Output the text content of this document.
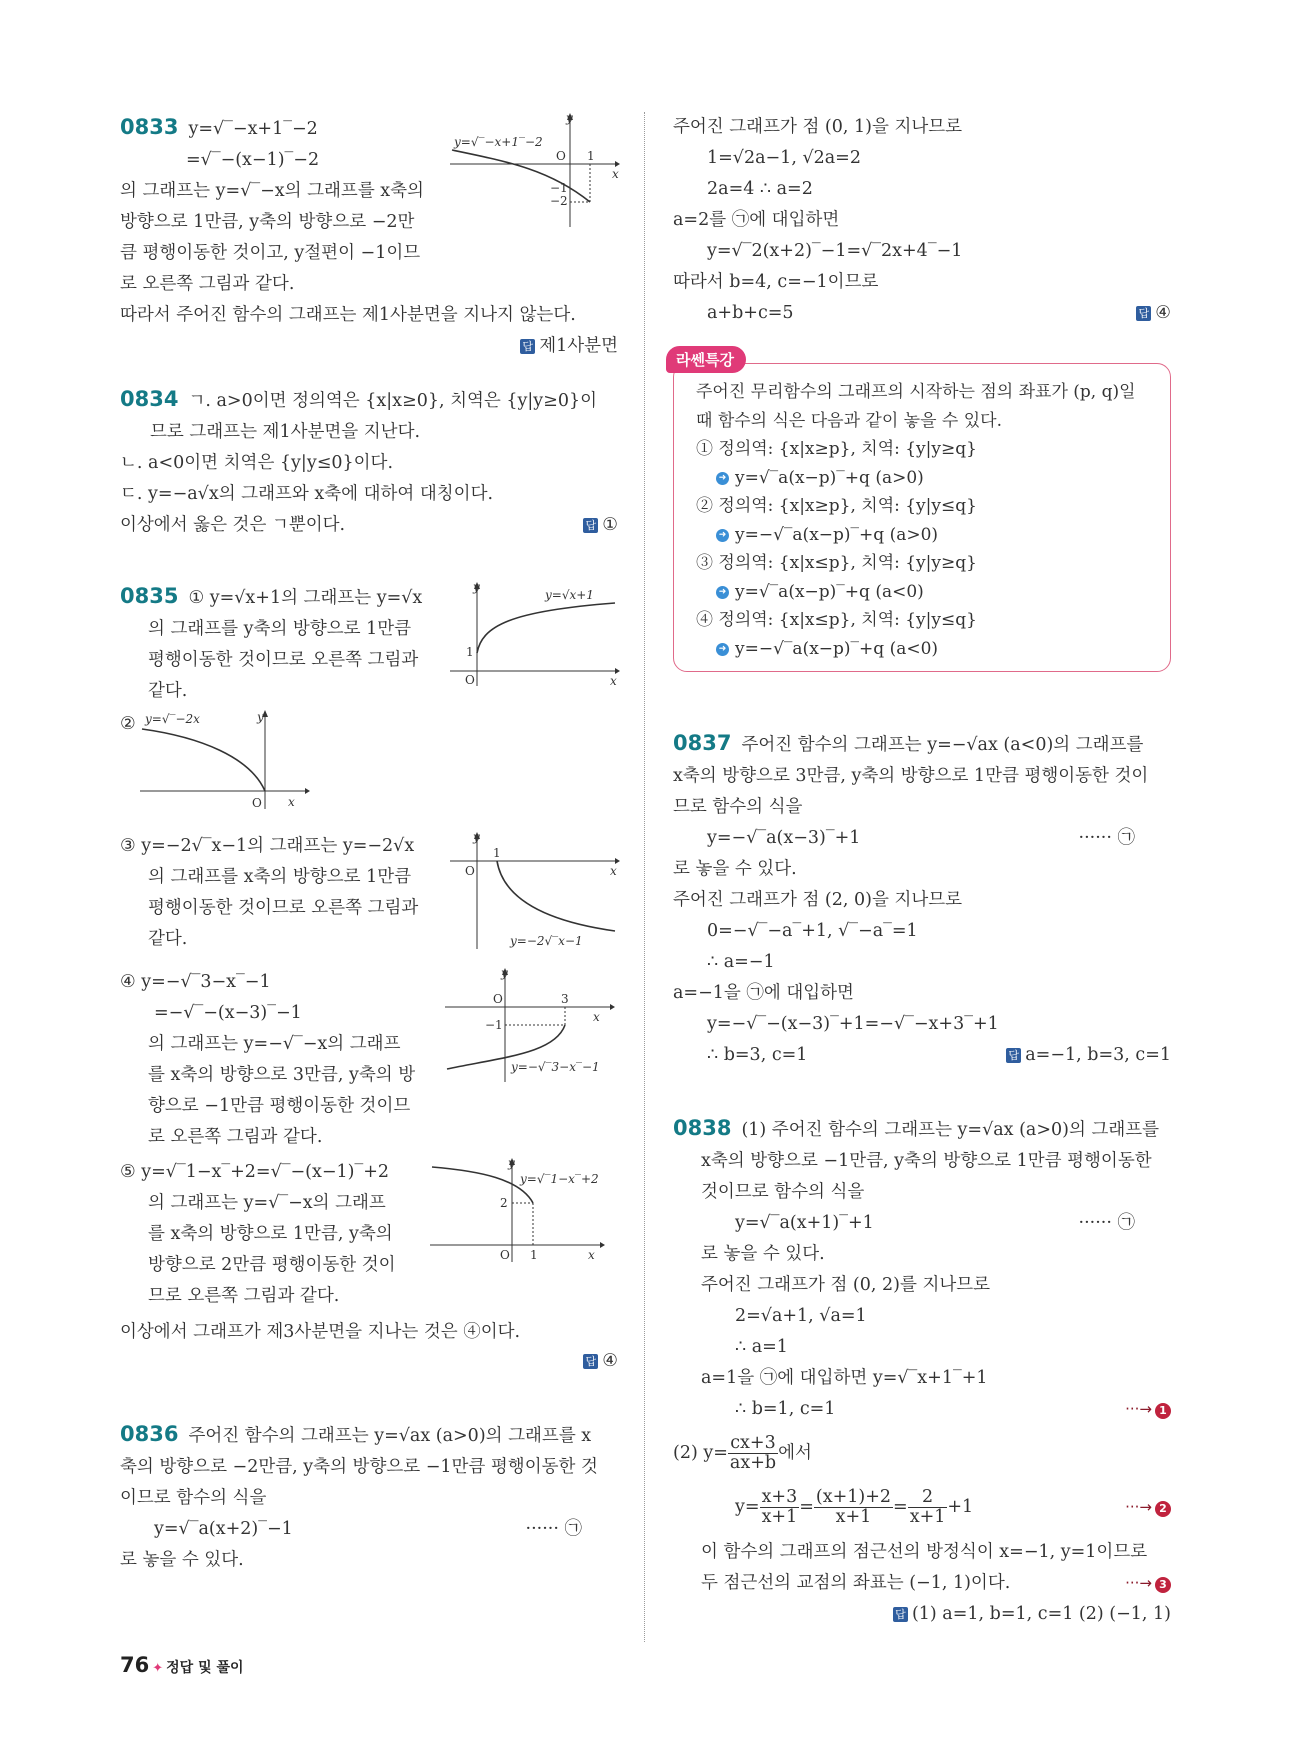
0833 y=√‾−x+1‾−2
=√‾−(x−1)‾−2
의 그래프는 y=√‾−x의 그래프를 x축의
방향으로 1만큼, y축의 방향으로 −2만
큼 평행이동한 것이고, y절편이 −1이므
로 오른쪽 그림과 같다.
따라서 주어진 함수의 그래프는 제1사분면을 지나지 않는다.
답 제1사분면
y
x
y=√‾−x+1‾−2
O 1
−1
−2
0834 ㄱ. a>0이면 정의역은 {x|x≥0}, 치역은 {y|y≥0}이
므로 그래프는 제1사분면을 지난다.
ㄴ. a<0이면 치역은 {y|y≤0}이다.
ㄷ. y=−a√x의 그래프와 x축에 대하여 대칭이다.
이상에서 옳은 것은 ㄱ뿐이다.	답 ①
0835 ① y=√x+1의 그래프는 y=√x
의 그래프를 y축의 방향으로 1만큼
평행이동한 것이므로 오른쪽 그림과
같다.
y
x
O
1
y=√x+1
②	y
x
O
y=√‾−2x
③ y=−2√‾x−1의 그래프는 y=−2√x
의 그래프를 x축의 방향으로 1만큼
평행이동한 것이므로 오른쪽 그림과
같다.
y
x
O
1
y=−2√‾x−1
④ y=−√‾3−x‾−1
=−√‾−(x−3)‾−1
의 그래프는 y=−√‾−x의 그래프
를 x축의 방향으로 3만큼, y축의 방
향으로 −1만큼 평행이동한 것이므
로 오른쪽 그림과 같다.
y
x
O	3
−1
y=−√‾3−x‾−1
⑤ y=√‾1−x‾+2=√‾−(x−1)‾+2
의 그래프는 y=√‾−x의 그래프
를 x축의 방향으로 1만큼, y축의
방향으로 2만큼 평행이동한 것이
므로 오른쪽 그림과 같다.
y
x
O 1
2
y=√‾1−x‾+2
이상에서 그래프가 제3사분면을 지나는 것은 ④이다.
답 ④
0836 주어진 함수의 그래프는 y=√ax (a>0)의 그래프를 x
축의 방향으로 −2만큼, y축의 방향으로 −1만큼 평행이동한 것
이므로 함수의 식을
y=√‾a(x+2)‾−1	······ ㉠
로 놓을 수 있다.
주어진 그래프가 점 (0, 1)을 지나므로
1=√2a−1, √2a=2
2a=4 ∴ a=2
a=2를 ㉠에 대입하면
y=√‾2(x+2)‾−1=√‾2x+4‾−1
따라서 b=4, c=−1이므로
a+b+c=5	답 ④
라쎈특강
주어진 무리함수의 그래프의 시작하는 점의 좌표가 (p, q)일
때 함수의 식은 다음과 같이 놓을 수 있다.
① 정의역: {x|x≥p}, 치역: {y|y≥q}
➜ y=√‾a(x−p)‾+q (a>0)
② 정의역: {x|x≥p}, 치역: {y|y≤q}
➜ y=−√‾a(x−p)‾+q (a>0)
③ 정의역: {x|x≤p}, 치역: {y|y≥q}
➜ y=√‾a(x−p)‾+q (a<0)
④ 정의역: {x|x≤p}, 치역: {y|y≤q}
➜ y=−√‾a(x−p)‾+q (a<0)
0837 주어진 함수의 그래프는 y=−√ax (a<0)의 그래프를
x축의 방향으로 3만큼, y축의 방향으로 1만큼 평행이동한 것이
므로 함수의 식을
y=−√‾a(x−3)‾+1	······ ㉠
로 놓을 수 있다.
주어진 그래프가 점 (2, 0)을 지나므로
0=−√‾−a‾+1, √‾−a‾=1
∴ a=−1
a=−1을 ㉠에 대입하면
y=−√‾−(x−3)‾+1=−√‾−x+3‾+1
∴ b=3, c=1	답 a=−1, b=3, c=1
0838 (1) 주어진 함수의 그래프는 y=√ax (a>0)의 그래프를
x축의 방향으로 −1만큼, y축의 방향으로 1만큼 평행이동한
것이므로 함수의 식을
y=√‾a(x+1)‾+1	······ ㉠
로 놓을 수 있다.
주어진 그래프가 점 (0, 2)를 지나므로
2=√a+1, √a=1
∴ a=1
a=1을 ㉠에 대입하면 y=√‾x+1‾+1
∴ b=1, c=1	···→ 1
(2) $y= \frac{cx+3}{ax+b}$ 에서
$y= \frac{x+3}{x+1} = \frac{(x+1)+2}{x+1} = \frac{2}{x+1} +1$	···→ 2
이 함수의 그래프의 점근선의 방정식이 x=−1, y=1이므로
두 점근선의 교점의 좌표는 (−1, 1)이다.	···→ 3
답 (1) a=1, b=1, c=1 (2) (−1, 1)
76 ✦ 정답 및 풀이
